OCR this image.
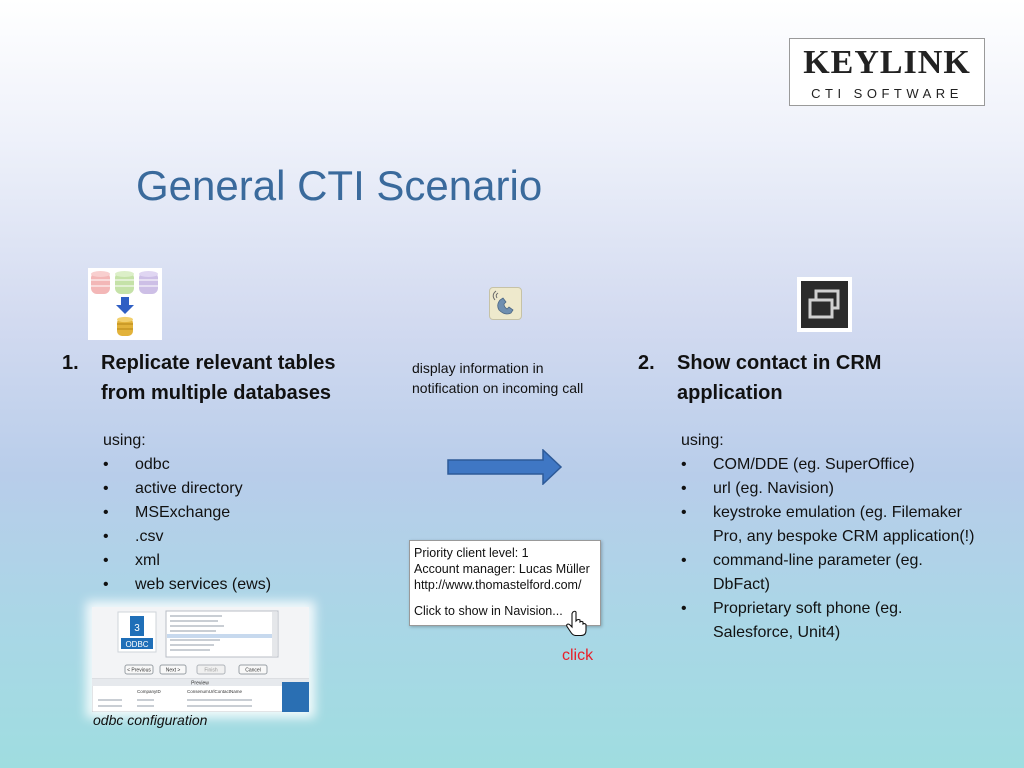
KEYLINK
CTI SOFTWARE
General CTI Scenario
1. Replicate relevant tables
from multiple databases
using:
• odbc
• active directory
• MSExchange
• .csv
• xml
• web services (ews)
3
ODBC
< Previous	Next >	Finish	Cancel
Preview
CompanyID	ConsenumUrlContactName
odbc configuration
display information in
notification on incoming call
Priority client level: 1
Account manager: Lucas Müller
http://www.thomastelford.com/
Click to show in Navision...
click
2. Show contact in CRM
application
using:
• COM/DDE (eg. SuperOffice)
• url (eg. Navision)
• keystroke emulation (eg. Filemaker Pro, any bespoke CRM application(!)
• command-line parameter (eg. DbFact)
• Proprietary soft phone (eg. Salesforce, Unit4)
